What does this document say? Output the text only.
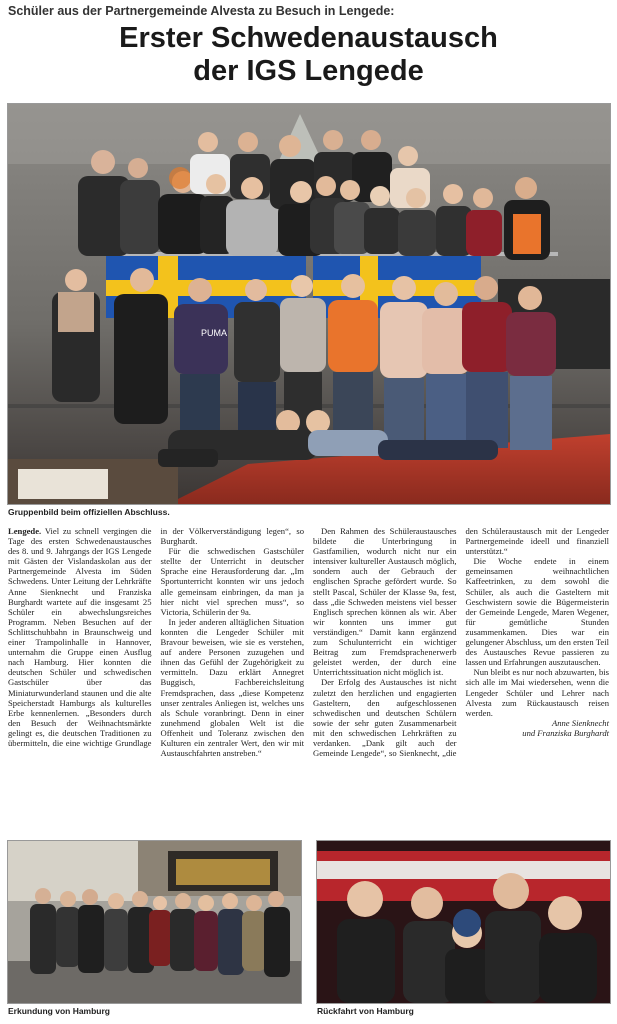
Schüler aus der Partnergemeinde Alvesta zu Besuch in Lengede:
Erster Schwedenaustausch
der IGS Lengede
PUMA
Gruppenbild beim offiziellen Abschluss.

Lengede. Viel zu schnell vergingen die Tage des ersten Schwedenaustausches des 8. und 9. Jahrgangs der IGS Lengede mit Gästen der Vislandaskolan aus der Partnergemeinde Alvesta im Süden Schwedens. Unter Leitung der Lehrkräfte Anne Sienknecht und Franziska Burghardt wartete auf die insgesamt 25 Schüler ein abwechslungsreiches Programm. Neben Besuchen auf der Schlittschuhbahn in Braunschweig und einer Trampolinhalle in Hannover, unternahm die Gruppe einen Ausflug nach Hamburg. Hier konnten die deutschen Schüler und schwedischen Gastschüler über das Miniaturwunderland staunen und die alte Speicherstadt Hamburgs als kulturelles Erbe kennenlernen. „Besonders durch den Besuch der Weihnachtsmärkte gelingt es, die deutschen Traditionen zu übermitteln, die eine wichtige Grundlage in der Völkerverständigung legen“, so Burghardt.

Für die schwedischen Gastschüler stellte der Unterricht in deutscher Sprache eine Herausforderung dar. „Im Sportunterricht konnten wir uns jedoch alle gemeinsam einbringen, da man ja hier nicht viel sprechen muss“, so Victoria, Schülerin der 9a.

In jeder anderen alltäglichen Situation konnten die Lengeder Schüler mit Bravour beweisen, wie sie es verstehen, auf andere Personen zuzugehen und ihnen das Gefühl der Zugehörigkeit zu vermitteln. Dazu erklärt Annegret Buggisch, Fachbereichsleitung Fremdsprachen, dass „diese Kompetenz unser zentrales Anliegen ist, welches uns als Schule voranbringt. Denn in einer zunehmend globalen Welt ist die Offenheit und Toleranz zwischen den Kulturen ein zentraler Wert, den wir mit Austauschfahrten anstreben.“

Den Rahmen des Schüleraustausches bildete die Unterbringung in Gastfamilien, wodurch nicht nur ein intensiver kultureller Austausch möglich, sondern auch der Gebrauch der englischen Sprache gefördert wurde. So stellt Pascal, Schüler der Klasse 9a, fest, dass „die Schweden meistens viel besser Englisch sprechen können als wir. Aber wir konnten uns immer gut verständigen.“ Damit kann ergänzend zum Schulunterricht ein wichtiger Beitrag zum Fremdsprachenerwerb geleistet werden, der durch eine Unterrichtssituation nicht möglich ist.

Der Erfolg des Austausches ist nicht zuletzt den herzlichen und engagierten Gasteltern, den aufgeschlossenen schwedischen und deutschen Schülern sowie der sehr guten Zusammenarbeit mit den schwedischen Lehrkräften zu verdanken. „Dank gilt auch der Gemeinde Lengede“, so Sienknecht, „die den Schüleraustausch mit der Lengeder Partnergemeinde ideell und finanziell unterstützt.“

Die Woche endete in einem gemeinsamen weihnachtlichen Kaffeetrinken, zu dem sowohl die Schüler, als auch die Gasteltern mit Geschwistern sowie die Bügermeisterin der Gemeinde Lengede, Maren Wegener, für gemütliche Stunden zusammenkamen. Dies war ein gelungener Abschluss, um den ersten Teil des Austausches Revue passieren zu lassen und Erfahrungen auszutauschen.

Nun bleibt es nur noch abzuwarten, bis sich alle im Mai wiedersehen, wenn die Lengeder Schüler und Lehrer nach Alvesta zum Rückaustausch reisen werden.

Anne Sienknecht

und Franziska Burghardt

Erkundung von Hamburg	Rückfahrt von Hamburg
